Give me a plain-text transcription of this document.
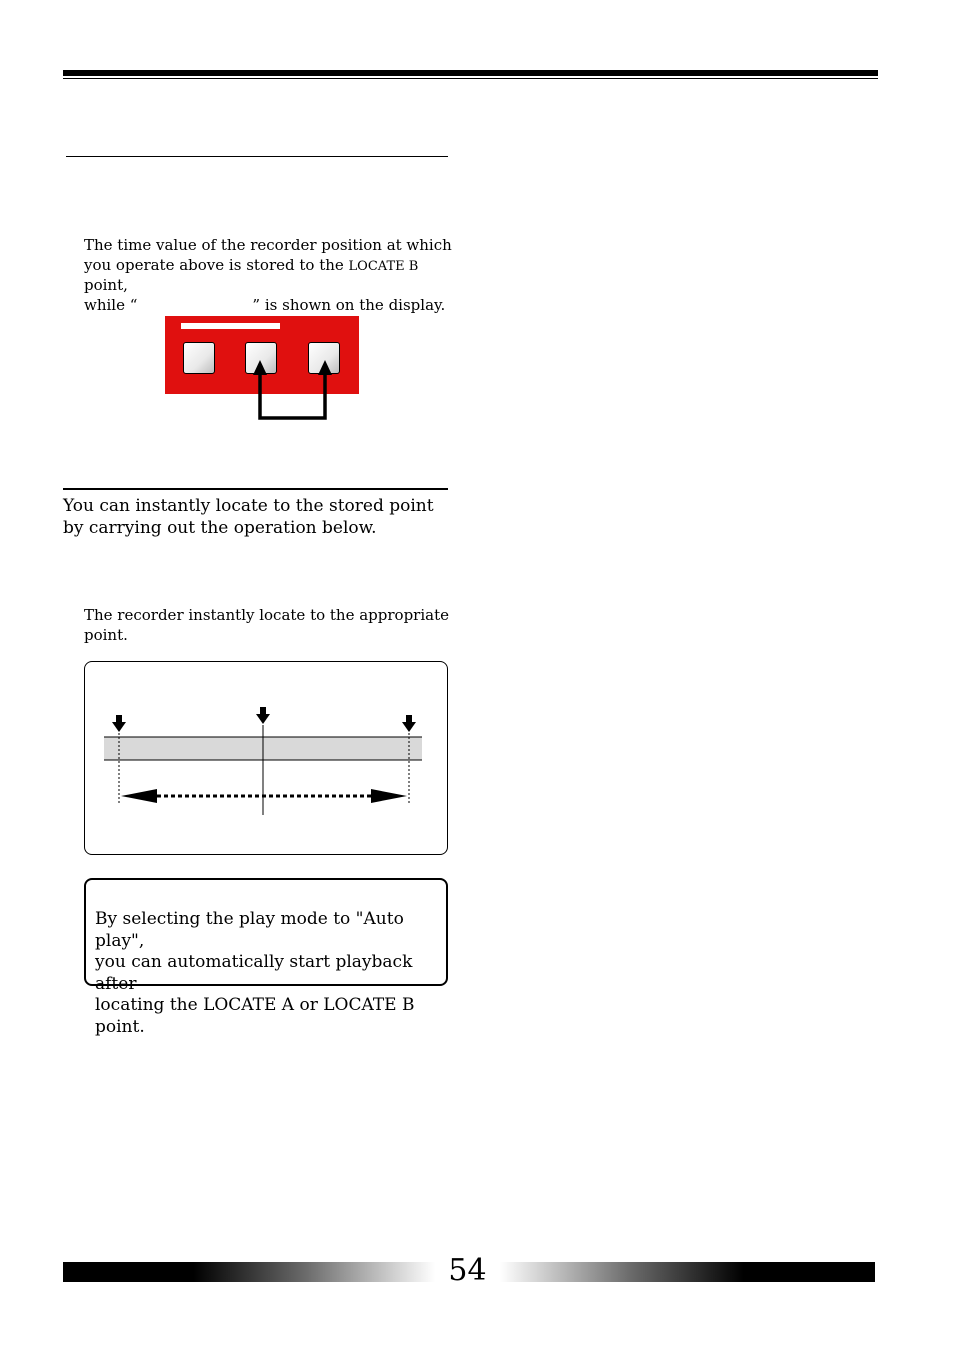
The time value of the recorder position at which
you operate above is stored to the LOCATE B point,
while “	” is shown on the display.
You can instantly locate to the stored point by carrying out the operation below.
The recorder instantly locate to the appropriate point.
By selecting the play mode to "Auto play",
you can automatically start playback after
locating the LOCATE A or LOCATE B point.
54
